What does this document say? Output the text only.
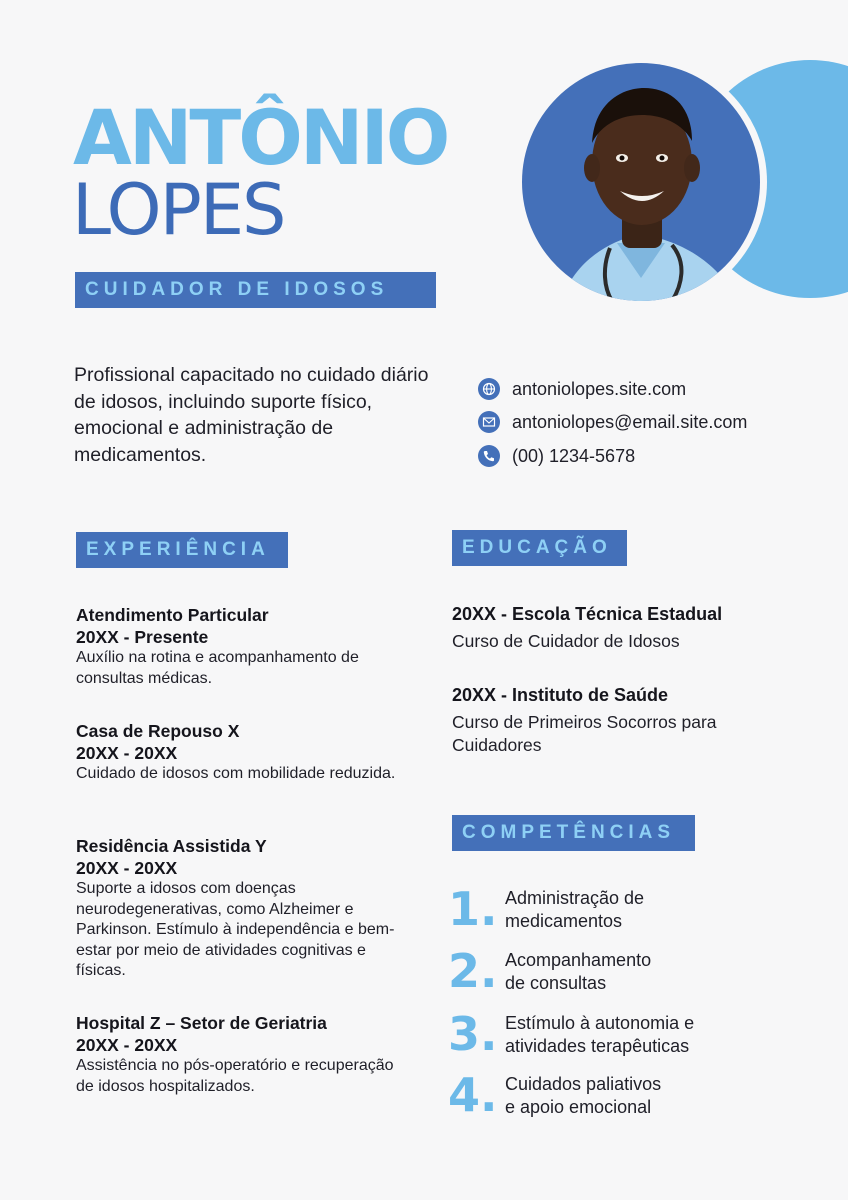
ANTÔNIO
LOPES
CUIDADOR DE IDOSOS
Profissional capacitado no cuidado diário de idosos, incluindo suporte físico, emocional e administração de medicamentos.
antoniolopes.site.com
antoniolopes@email.site.com
(00) 1234-5678
EXPERIÊNCIA	EDUCAÇÃO
COMPETÊNCIAS
Atendimento Particular
20XX - Presente
Auxílio na rotina e acompanhamento de consultas médicas.
Casa de Repouso X
20XX - 20XX
Cuidado de idosos com mobilidade reduzida.
Residência Assistida Y
20XX - 20XX
Suporte a idosos com doenças neurodegenerativas, como Alzheimer e Parkinson. Estímulo à independência e bem-estar por meio de atividades cognitivas e físicas.
Hospital Z – Setor de Geriatria
20XX - 20XX
Assistência no pós-operatório e recuperação de idosos hospitalizados.
20XX - Escola Técnica Estadual
Curso de Cuidador de Idosos
20XX - Instituto de Saúde
Curso de Primeiros Socorros para Cuidadores
1. Administração de
medicamentos
2. Acompanhamento
de consultas
3. Estímulo à autonomia e
atividades terapêuticas
4. Cuidados paliativos
e apoio emocional
